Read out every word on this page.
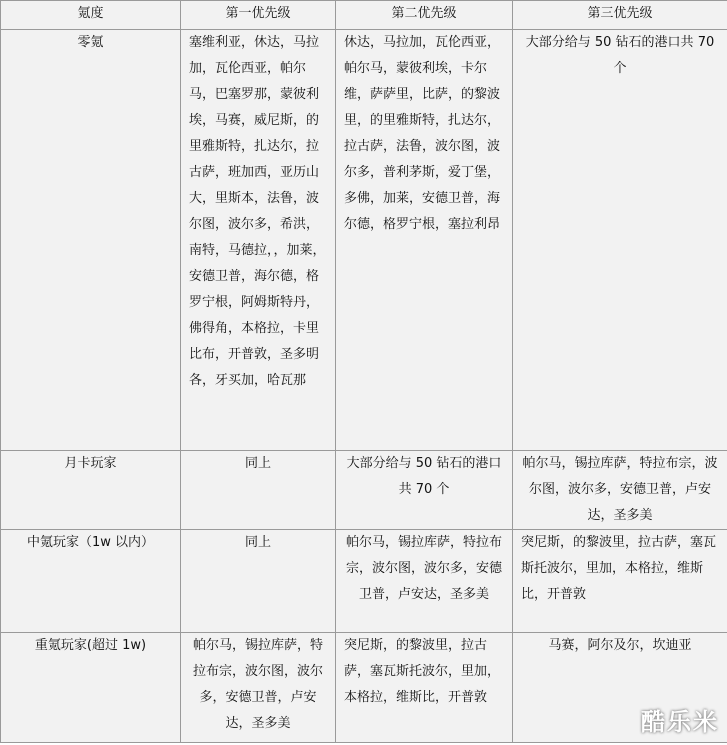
氪度	第一优先级	第二优先级	第三优先级
零氪	塞维利亚，休达，马拉加，瓦伦西亚，帕尔马，巴塞罗那，蒙彼利埃，马赛，威尼斯，的里雅斯特，扎达尔，拉古萨，班加西，亚历山大，里斯本，法鲁，波尔图，波尔多，希洪，南特，马德拉，，加莱，安德卫普，海尔德，格罗宁根，阿姆斯特丹，佛得角，本格拉，卡里比布，开普敦，圣多明各，牙买加，哈瓦那	休达，马拉加，瓦伦西亚，帕尔马，蒙彼利埃，卡尔维，萨萨里，比萨，的黎波里，的里雅斯特，扎达尔，拉古萨，法鲁，波尔图，波尔多，普利茅斯，爱丁堡，多佛，加莱，安德卫普，海尔德，格罗宁根，塞拉利昂	大部分给与 50 钻石的港口共 70 个
月卡玩家	同上	大部分给与 50 钻石的港口共 70 个	帕尔马，锡拉库萨，特拉布宗，波尔图，波尔多，安德卫普，卢安达，圣多美
中氪玩家（1w 以内）	同上	帕尔马，锡拉库萨，特拉布宗，波尔图，波尔多，安德卫普，卢安达，圣多美	突尼斯，的黎波里，拉古萨，塞瓦斯托波尔，里加，本格拉，维斯比，开普敦
重氪玩家(超过 1w)	帕尔马，锡拉库萨，特拉布宗，波尔图，波尔多，安德卫普，卢安达，圣多美	突尼斯，的黎波里，拉古萨，塞瓦斯托波尔，里加，本格拉，维斯比，开普敦	马赛，阿尔及尔，坎迪亚
酷乐米
